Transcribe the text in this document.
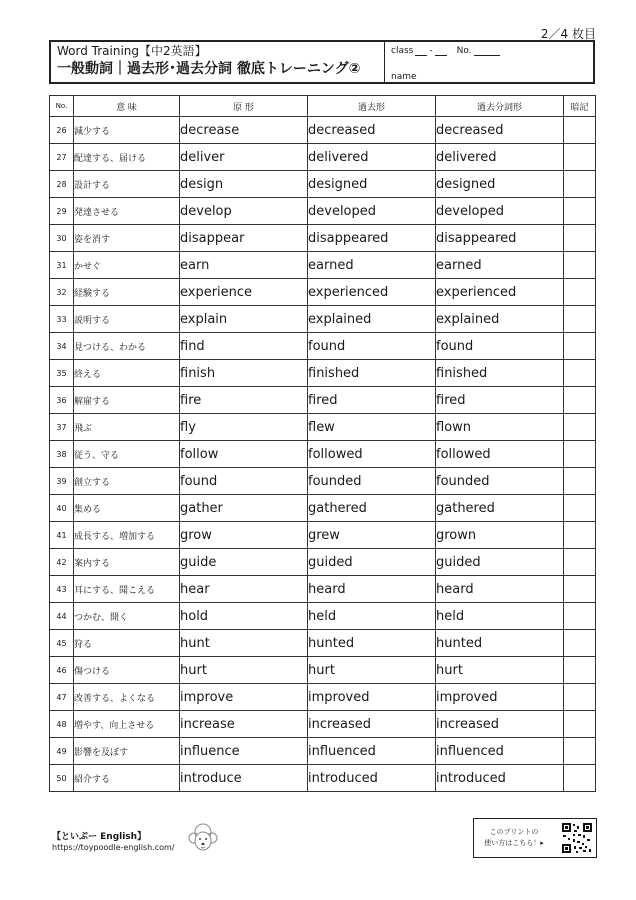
2／4 枚目
Word Training【中2英語】
一般動詞｜過去形･過去分詞 徹底トレーニング②
class -	No.
name
No.	意 味	原 形	過去形	過去分詞形	暗記
26	減少する	decrease	decreased	decreased	
27	配達する、届ける	deliver	delivered	delivered	
28	設計する	design	designed	designed	
29	発達させる	develop	developed	developed	
30	姿を消す	disappear	disappeared	disappeared	
31	かせぐ	earn	earned	earned	
32	経験する	experience	experienced	experienced	
33	説明する	explain	explained	explained	
34	見つける、わかる	find	found	found	
35	終える	finish	finished	finished	
36	解雇する	fire	fired	fired	
37	飛ぶ	fly	flew	flown	
38	従う、守る	follow	followed	followed	
39	創立する	found	founded	founded	
40	集める	gather	gathered	gathered	
41	成長する、増加する	grow	grew	grown	
42	案内する	guide	guided	guided	
43	耳にする、聞こえる	hear	heard	heard	
44	つかむ、開く	hold	held	held	
45	狩る	hunt	hunted	hunted	
46	傷つける	hurt	hurt	hurt	
47	改善する、よくなる	improve	improved	improved	
48	増やす、向上させる	increase	increased	increased	
49	影響を及ぼす	influence	influenced	influenced	
50	紹介する	introduce	introduced	introduced	
【といぷー English】
https://toypoodle-english.com/
このプリントの
使い方はこちら！▸
